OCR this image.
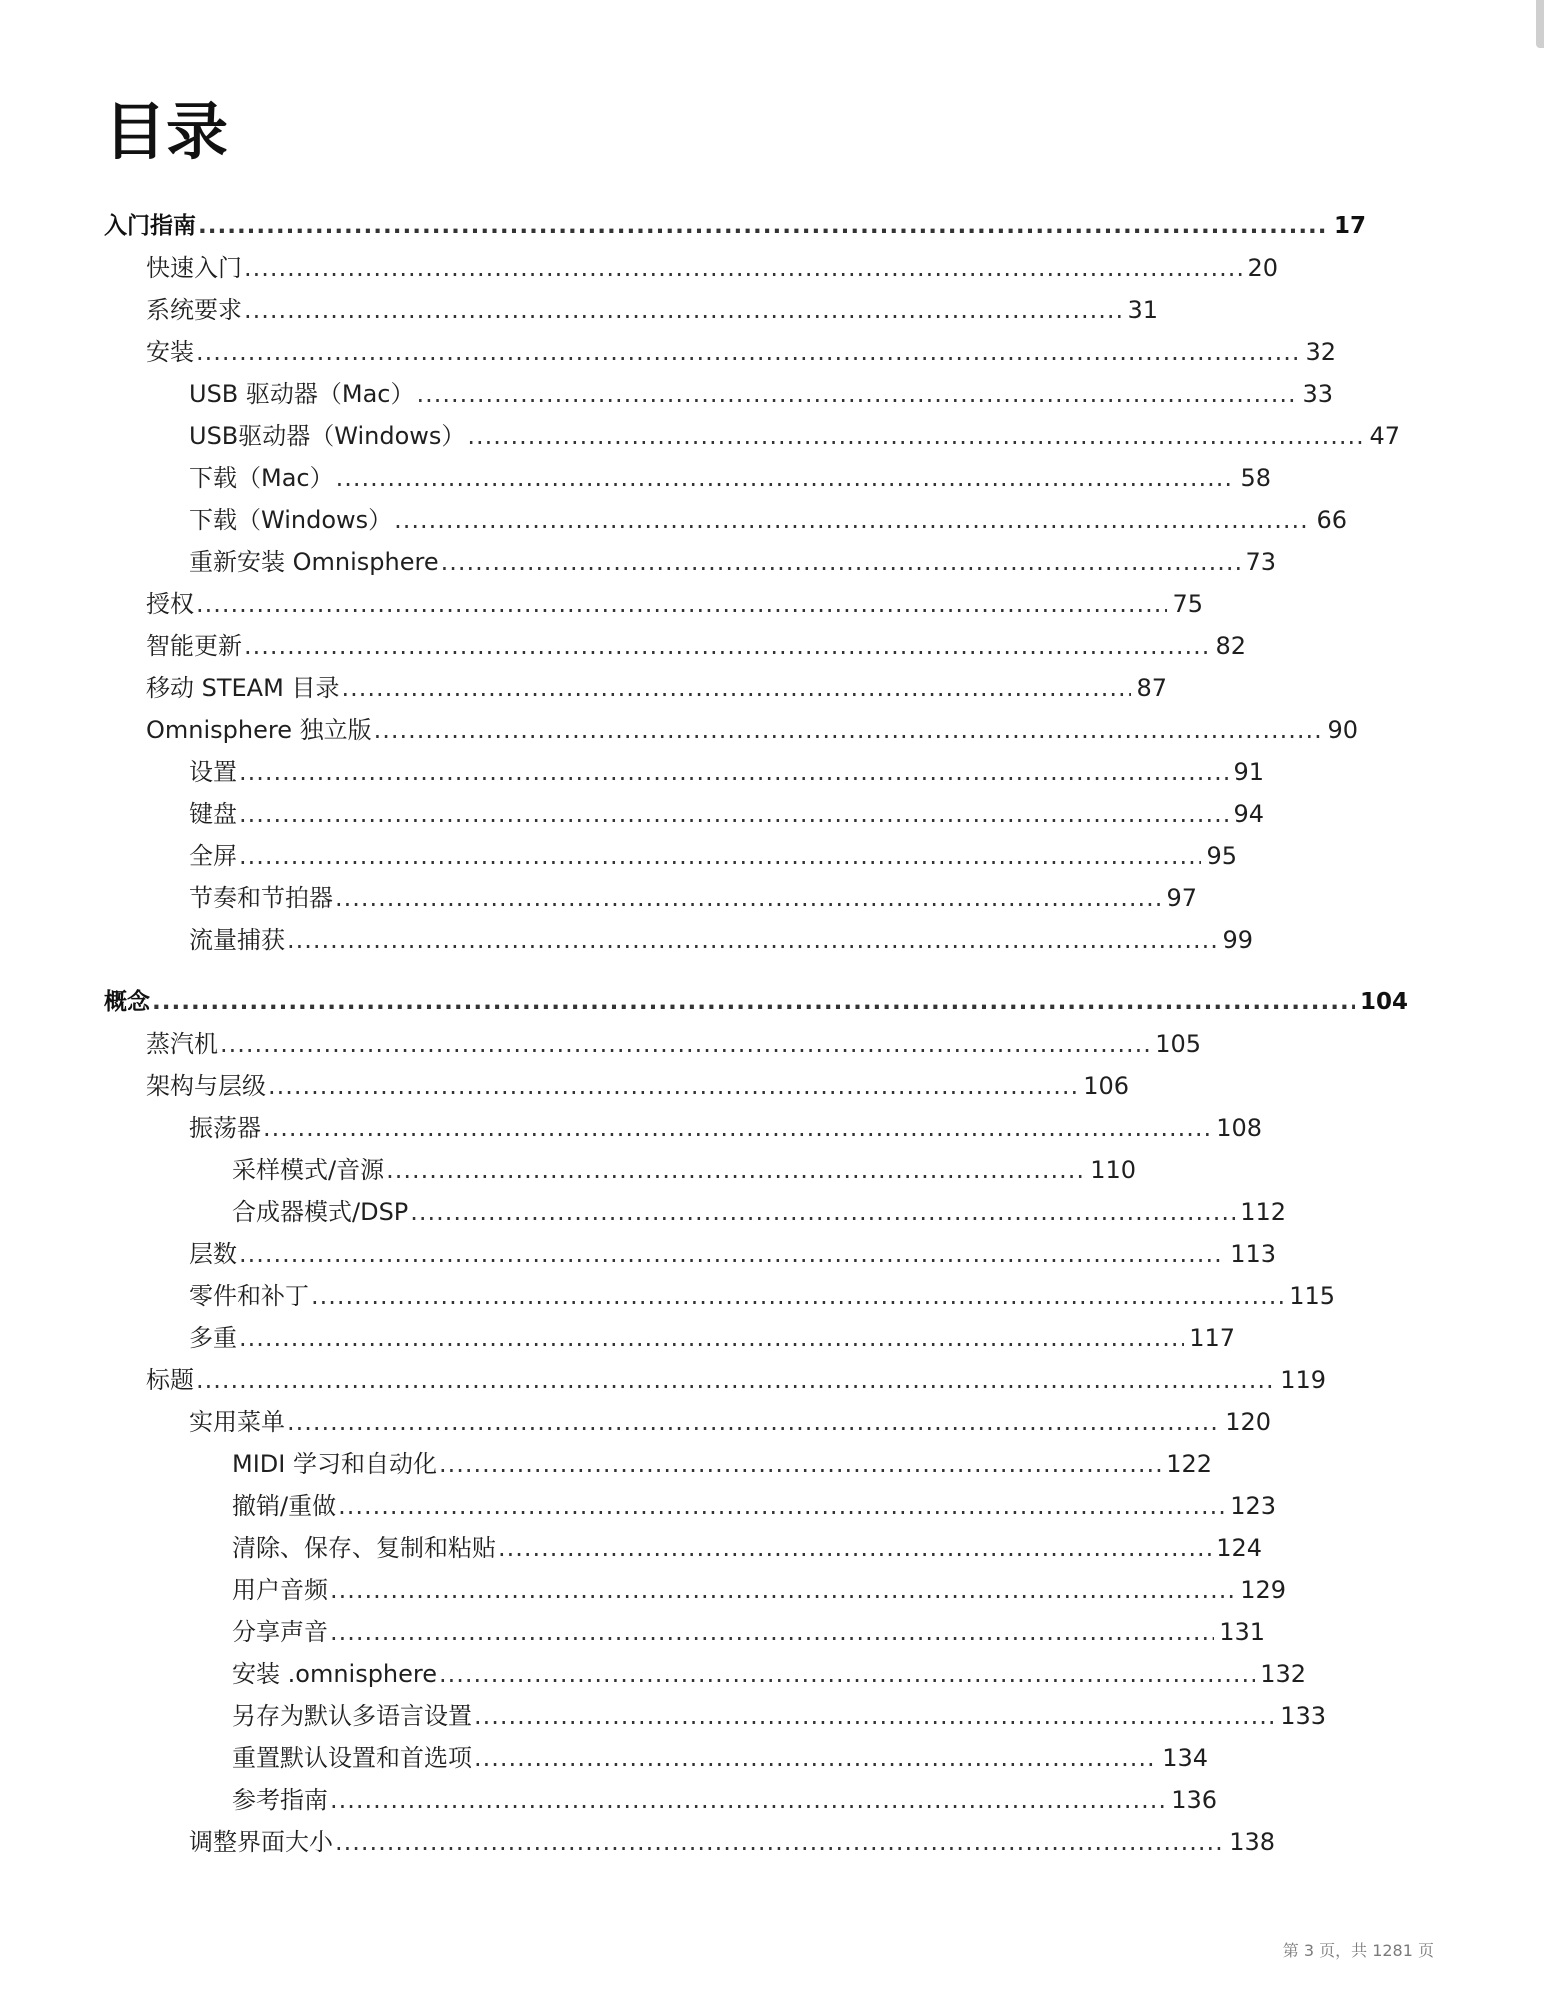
目录
入门指南 .....	17
快速入门 .....	20
系统要求 .....	31
安装 .....	32
USB 驱动器（Mac） .....	33
USB驱动器（Windows） .....	47
下载（Mac） .....	58
下载（Windows） .....	66
重新安装 Omnisphere .....	73
授权 .....	75
智能更新 .....	82
移动 STEAM 目录 .....	87
Omnisphere 独立版 .....	90
设置 .....	91
键盘 .....	94
全屏 .....	95
节奏和节拍器 .....	97
流量捕获 .....	99
概念 .....	104
蒸汽机 .....	105
架构与层级 .....	106
振荡器 .....	108
采样模式/音源 .....	110
合成器模式/DSP .....	112
层数 .....	113
零件和补丁 .....	115
多重 .....	117
标题 .....	119
实用菜单 .....	120
MIDI 学习和自动化 .....	122
撤销/重做 .....	123
清除、保存、复制和粘贴 .....	124
用户音频 .....	129
分享声音 .....	131
安装 .omnisphere .....	132
另存为默认多语言设置 .....	133
重置默认设置和首选项 .....	134
参考指南 .....	136
调整界面大小 .....	138
第 3 页，共 1281 页
